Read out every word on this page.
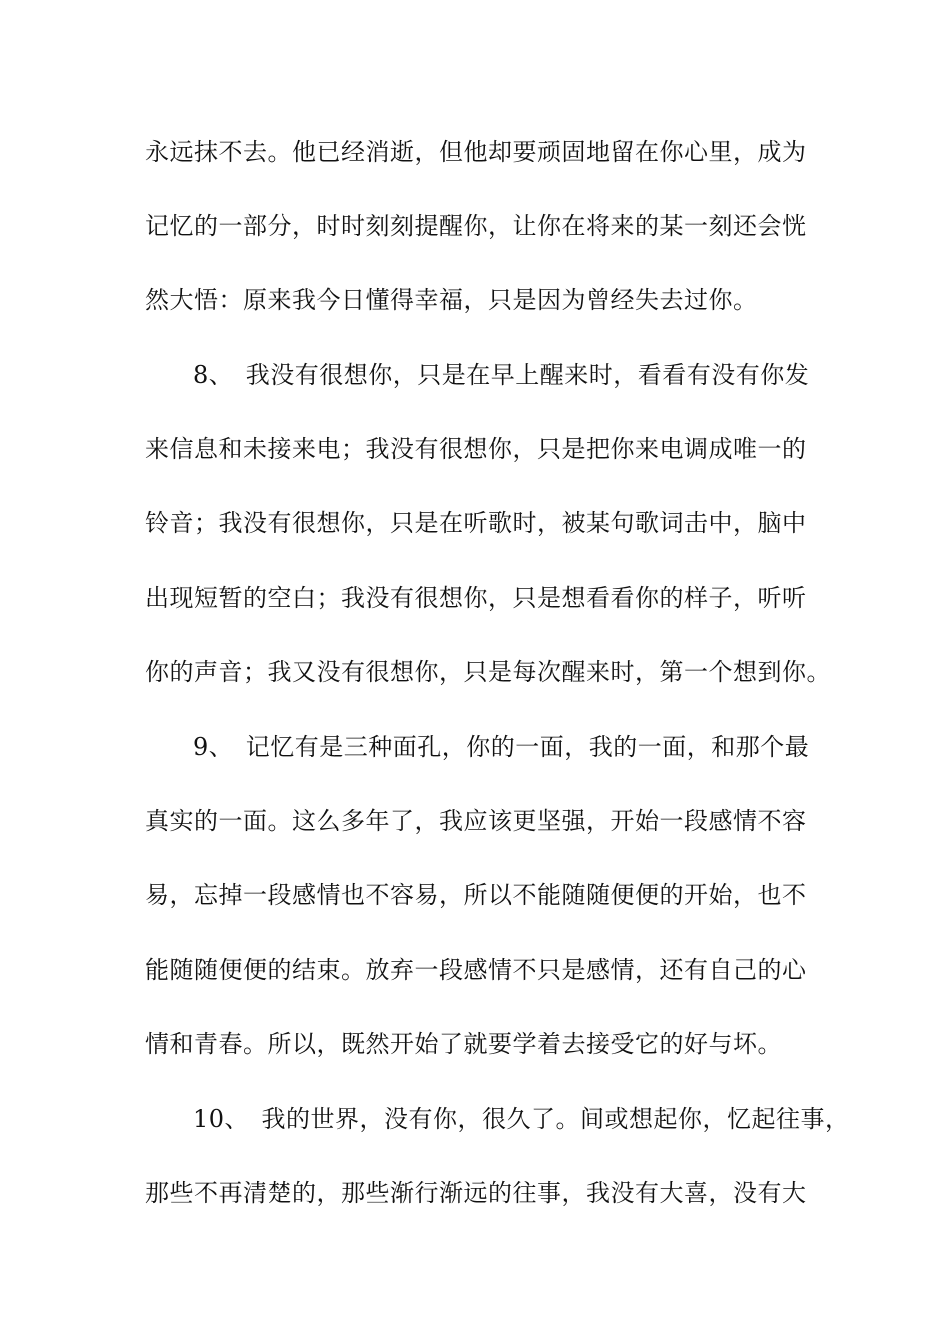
永远抹不去。他已经消逝，但他却要顽固地留在你心里，成为
记忆的一部分，时时刻刻提醒你，让你在将来的某一刻还会恍
然大悟：原来我今日懂得幸福，只是因为曾经失去过你。
8、　我没有很想你，只是在早上醒来时，看看有没有你发
来信息和未接来电；我没有很想你，只是把你来电调成唯一的
铃音；我没有很想你，只是在听歌时，被某句歌词击中，脑中
出现短暂的空白；我没有很想你，只是想看看你的样子，听听
你的声音；我又没有很想你，只是每次醒来时，第一个想到你。
9、　记忆有是三种面孔，你的一面，我的一面，和那个最
真实的一面。这么多年了，我应该更坚强，开始一段感情不容
易，忘掉一段感情也不容易，所以不能随随便便的开始，也不
能随随便便的结束。放弃一段感情不只是感情，还有自己的心
情和青春。所以，既然开始了就要学着去接受它的好与坏。
10、　我的世界，没有你，很久了。间或想起你，忆起往事，
那些不再清楚的，那些渐行渐远的往事，我没有大喜，没有大
